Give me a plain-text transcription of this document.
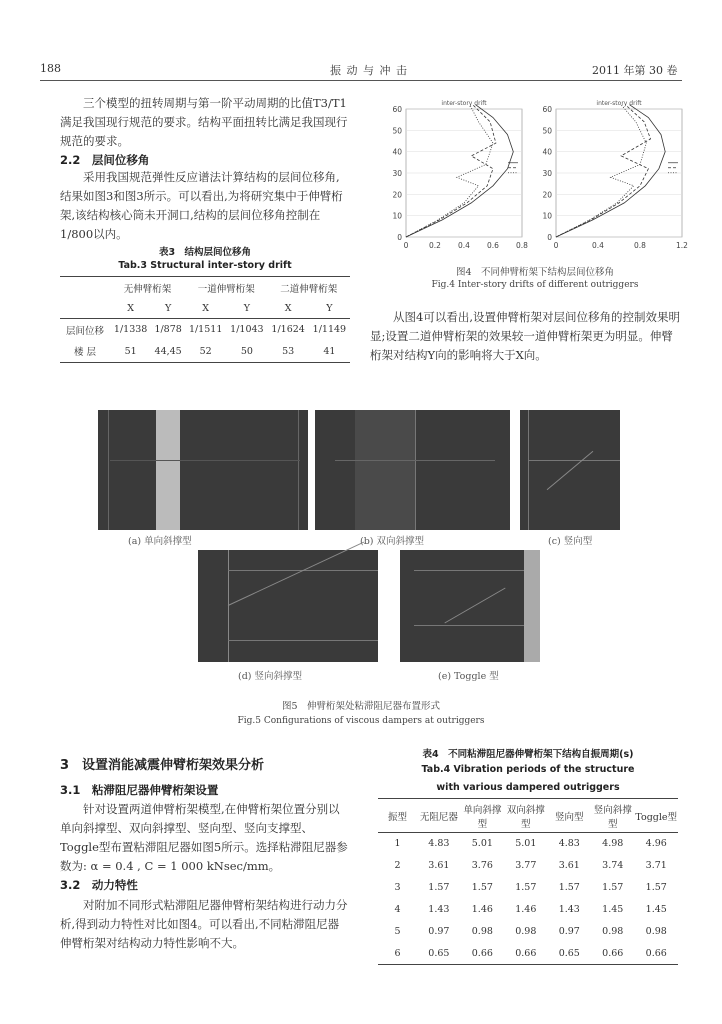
188	振 动 与 冲 击	2011 年第 30 卷

三个模型的扭转周期与第一阶平动周期的比值T3/T1满足我国现行规范的要求。结构平面扭转比满足我国现行规范的要求。

2.2　层间位移角

采用我国规范弹性反应谱法计算结构的层间位移角,结果如图3和图3所示。可以看出,为将研究集中于伸臂桁架,该结构核心筒未开洞口,结构的层间位移角控制在1/800以内。

表3　结构层间位移角
Tab.3 Structural inter-story drift
	无伸臂桁架		一道伸臂桁架		二道伸臂桁架	
	X	Y	X	Y	X	Y
层间位移	1/1338	1/878	1/1511	1/1043	1/1624	1/1149
楼 层	51	44,45	52	50	53	41
inter-story drift
0
10
20
30
40
50
60
0	0.2 0.4 0.6 0.8
inter-story drift
0
10
20
30
40
50
60
0	0.4	0.8	1.2
图4　不同伸臂桁架下结构层间位移角
Fig.4 Inter-story drifts of different outriggers

从图4可以看出,设置伸臂桁架对层间位移角的控制效果明显;设置二道伸臂桁架的效果较一道伸臂桁架更为明显。伸臂桁架对结构Y向的影响将大于X向。

(a) 单向斜撑型	(b) 双向斜撑型	(c) 竖向型
(d) 竖向斜撑型	(e) Toggle 型
图5　伸臂桁架处粘滞阻尼器布置形式
Fig.5 Configurations of viscous dampers at outriggers
3　设置消能减震伸臂桁架效果分析
3.1　粘滞阻尼器伸臂桁架设置

针对设置两道伸臂桁架模型,在伸臂桁架位置分别以单向斜撑型、双向斜撑型、竖向型、竖向支撑型、Toggle型布置粘滞阻尼器如图5所示。选择粘滞阻尼器参数为: α = 0.4 , C = 1 000 kNsec/mm。

3.2　动力特性

对附加不同形式粘滞阻尼器伸臂桁架结构进行动力分析,得到动力特性对比如图4。可以看出,不同粘滞阻尼器伸臂桁架对结构动力特性影响不大。

表4　不同粘滞阻尼器伸臂桁架下结构自振周期(s)
Tab.4 Vibration periods of the structure
with various dampered outriggers
振型	无阻尼器	单向斜撑型	双向斜撑型	竖向型	竖向斜撑型	Toggle型
1	4.83	5.01	5.01	4.83	4.98	4.96
2	3.61	3.76	3.77	3.61	3.74	3.71
3	1.57	1.57	1.57	1.57	1.57	1.57
4	1.43	1.46	1.46	1.43	1.45	1.45
5	0.97	0.98	0.98	0.97	0.98	0.98
6	0.65	0.66	0.66	0.65	0.66	0.66
